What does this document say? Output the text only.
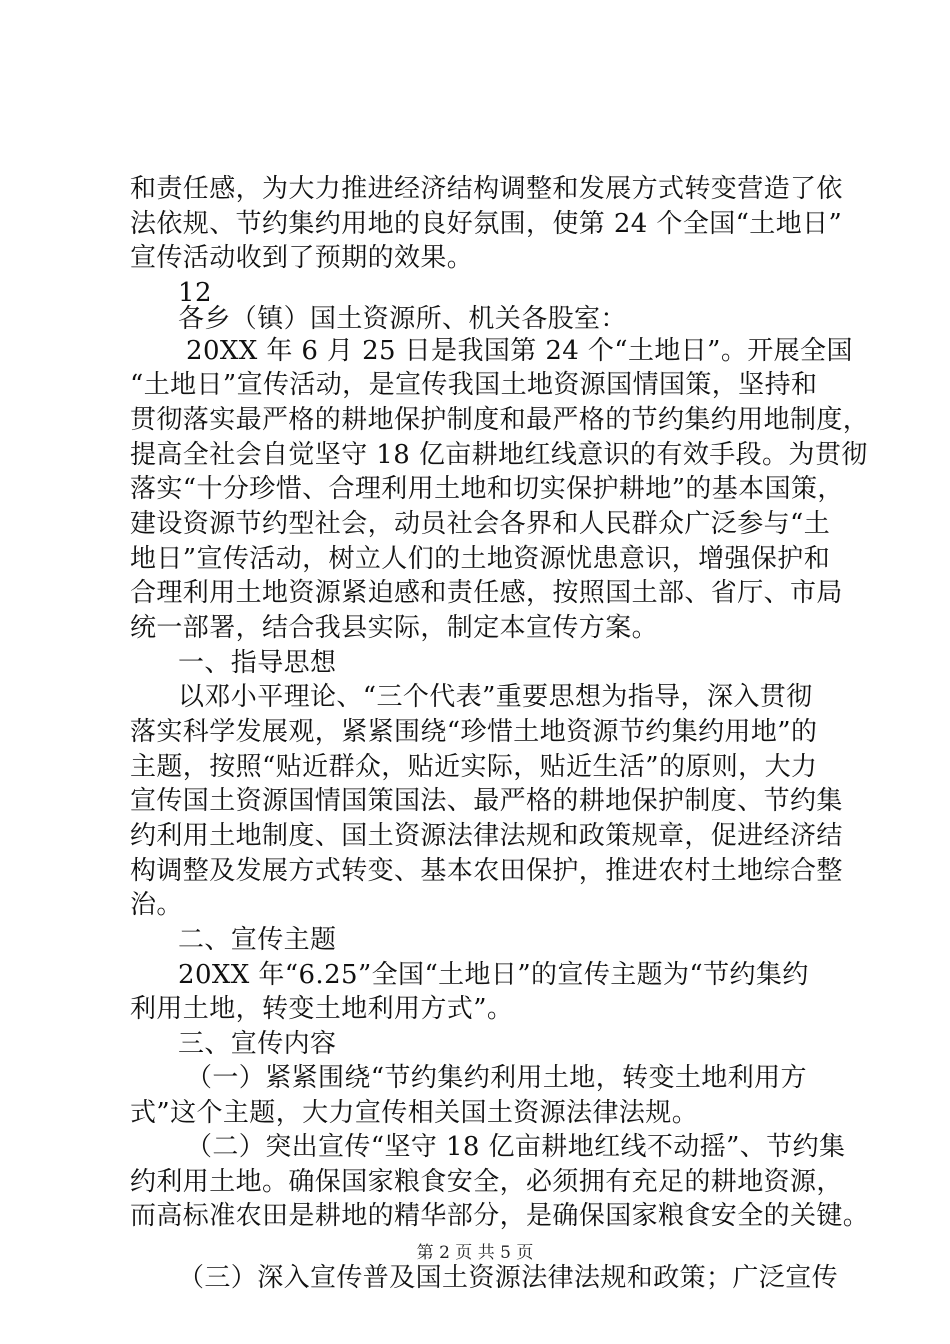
和责任感，为大力推进经济结构调整和发展方式转变营造了依
法依规、节约集约用地的良好氛围，使第 24 个全国“土地日”
宣传活动收到了预期的效果。
12
各乡（镇）国土资源所、机关各股室：
20XX 年 6 月 25 日是我国第 24 个“土地日”。开展全国
“土地日”宣传活动，是宣传我国土地资源国情国策，坚持和
贯彻落实最严格的耕地保护制度和最严格的节约集约用地制度，
提高全社会自觉坚守 18 亿亩耕地红线意识的有效手段。为贯彻
落实“十分珍惜、合理利用土地和切实保护耕地”的基本国策，
建设资源节约型社会，动员社会各界和人民群众广泛参与“土
地日”宣传活动，树立人们的土地资源忧患意识，增强保护和
合理利用土地资源紧迫感和责任感，按照国土部、省厅、市局
统一部署，结合我县实际，制定本宣传方案。
一、指导思想
以邓小平理论、“三个代表”重要思想为指导，深入贯彻
落实科学发展观，紧紧围绕“珍惜土地资源节约集约用地”的
主题，按照“贴近群众，贴近实际，贴近生活”的原则，大力
宣传国土资源国情国策国法、最严格的耕地保护制度、节约集
约利用土地制度、国土资源法律法规和政策规章，促进经济结
构调整及发展方式转变、基本农田保护，推进农村土地综合整
治。
二、宣传主题
20XX 年“6.25”全国“土地日”的宣传主题为“节约集约
利用土地，转变土地利用方式”。
三、宣传内容
（一）紧紧围绕“节约集约利用土地，转变土地利用方
式”这个主题，大力宣传相关国土资源法律法规。
（二）突出宣传“坚守 18 亿亩耕地红线不动摇”、节约集
约利用土地。确保国家粮食安全，必须拥有充足的耕地资源，
而高标准农田是耕地的精华部分，是确保国家粮食安全的关键。
（三）深入宣传普及国土资源法律法规和政策；广泛宣传
第 2 页 共 5 页
